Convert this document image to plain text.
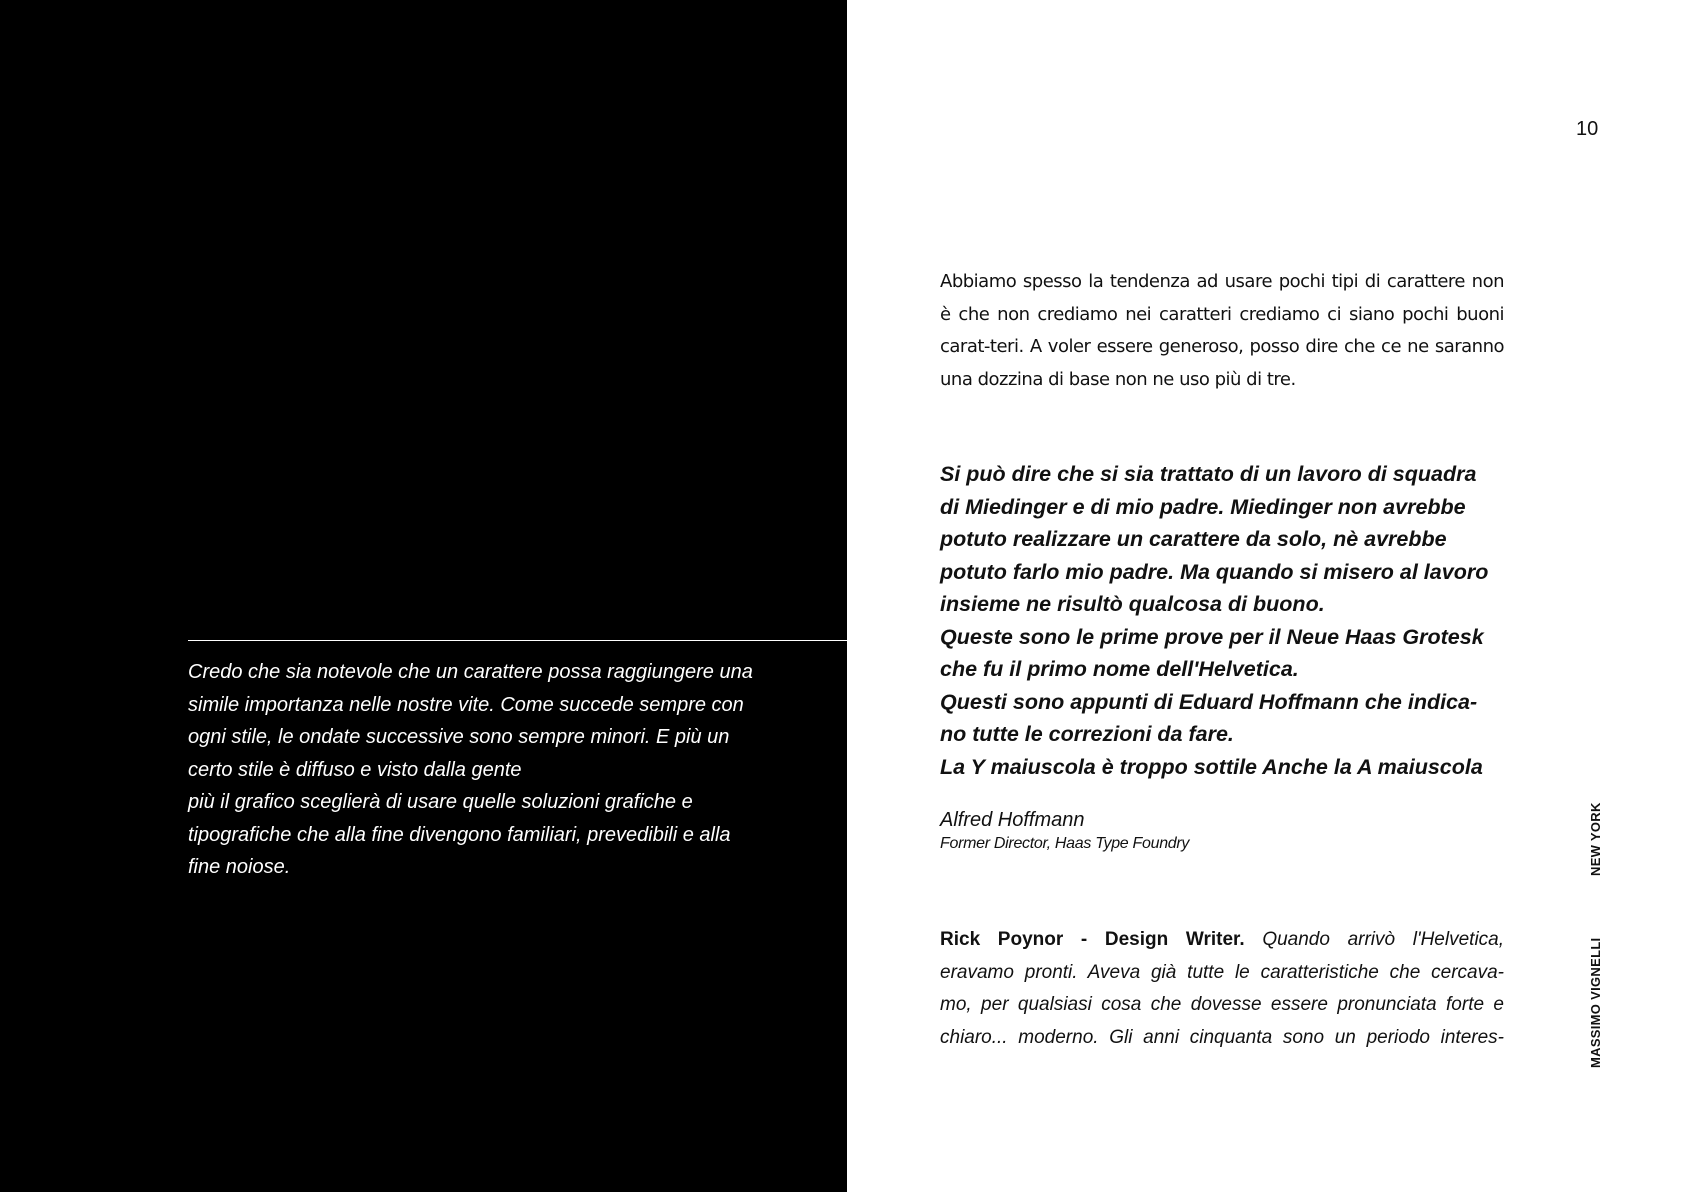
Credo che sia notevole che un carattere possa raggiungere una
simile importanza nelle nostre vite. Come succede sempre con
ogni stile, le ondate successive sono sempre minori. E più un
certo stile è diffuso e visto dalla gente
più il grafico sceglierà di usare quelle soluzioni grafiche e
tipografiche che alla fine divengono familiari, prevedibili e alla
fine noiose.

10

Abbiamo spesso la tendenza ad usare pochi tipi di carattere non è che non crediamo nei caratteri crediamo ci siano pochi buoni carat-teri. A voler essere generoso, posso dire che ce ne saranno una dozzina di base non ne uso più di tre.

Si può dire che si sia trattato di un lavoro di squadra
di Miedinger e di mio padre. Miedinger non avrebbe
potuto realizzare un carattere da solo, nè avrebbe
potuto farlo mio padre. Ma quando si misero al lavoro
insieme ne risultò qualcosa di buono.
Queste sono le prime prove per il Neue Haas Grotesk
che fu il primo nome dell'Helvetica.
Questi sono appunti di Eduard Hoffmann che indica-
no tutte le correzioni da fare.
La Y maiuscola è troppo sottile Anche la A maiuscola

Alfred Hoffmann
Former Director, Haas Type Foundry

Rick Poynor - Design Writer. Quando arrivò l'Helvetica,
eravamo pronti. Aveva già tutte le caratteristiche che cercava-
mo, per qualsiasi cosa che dovesse essere pronunciata forte e
chiaro... moderno. Gli anni cinquanta sono un periodo interes-

NEW YORK
MASSIMO VIGNELLI
